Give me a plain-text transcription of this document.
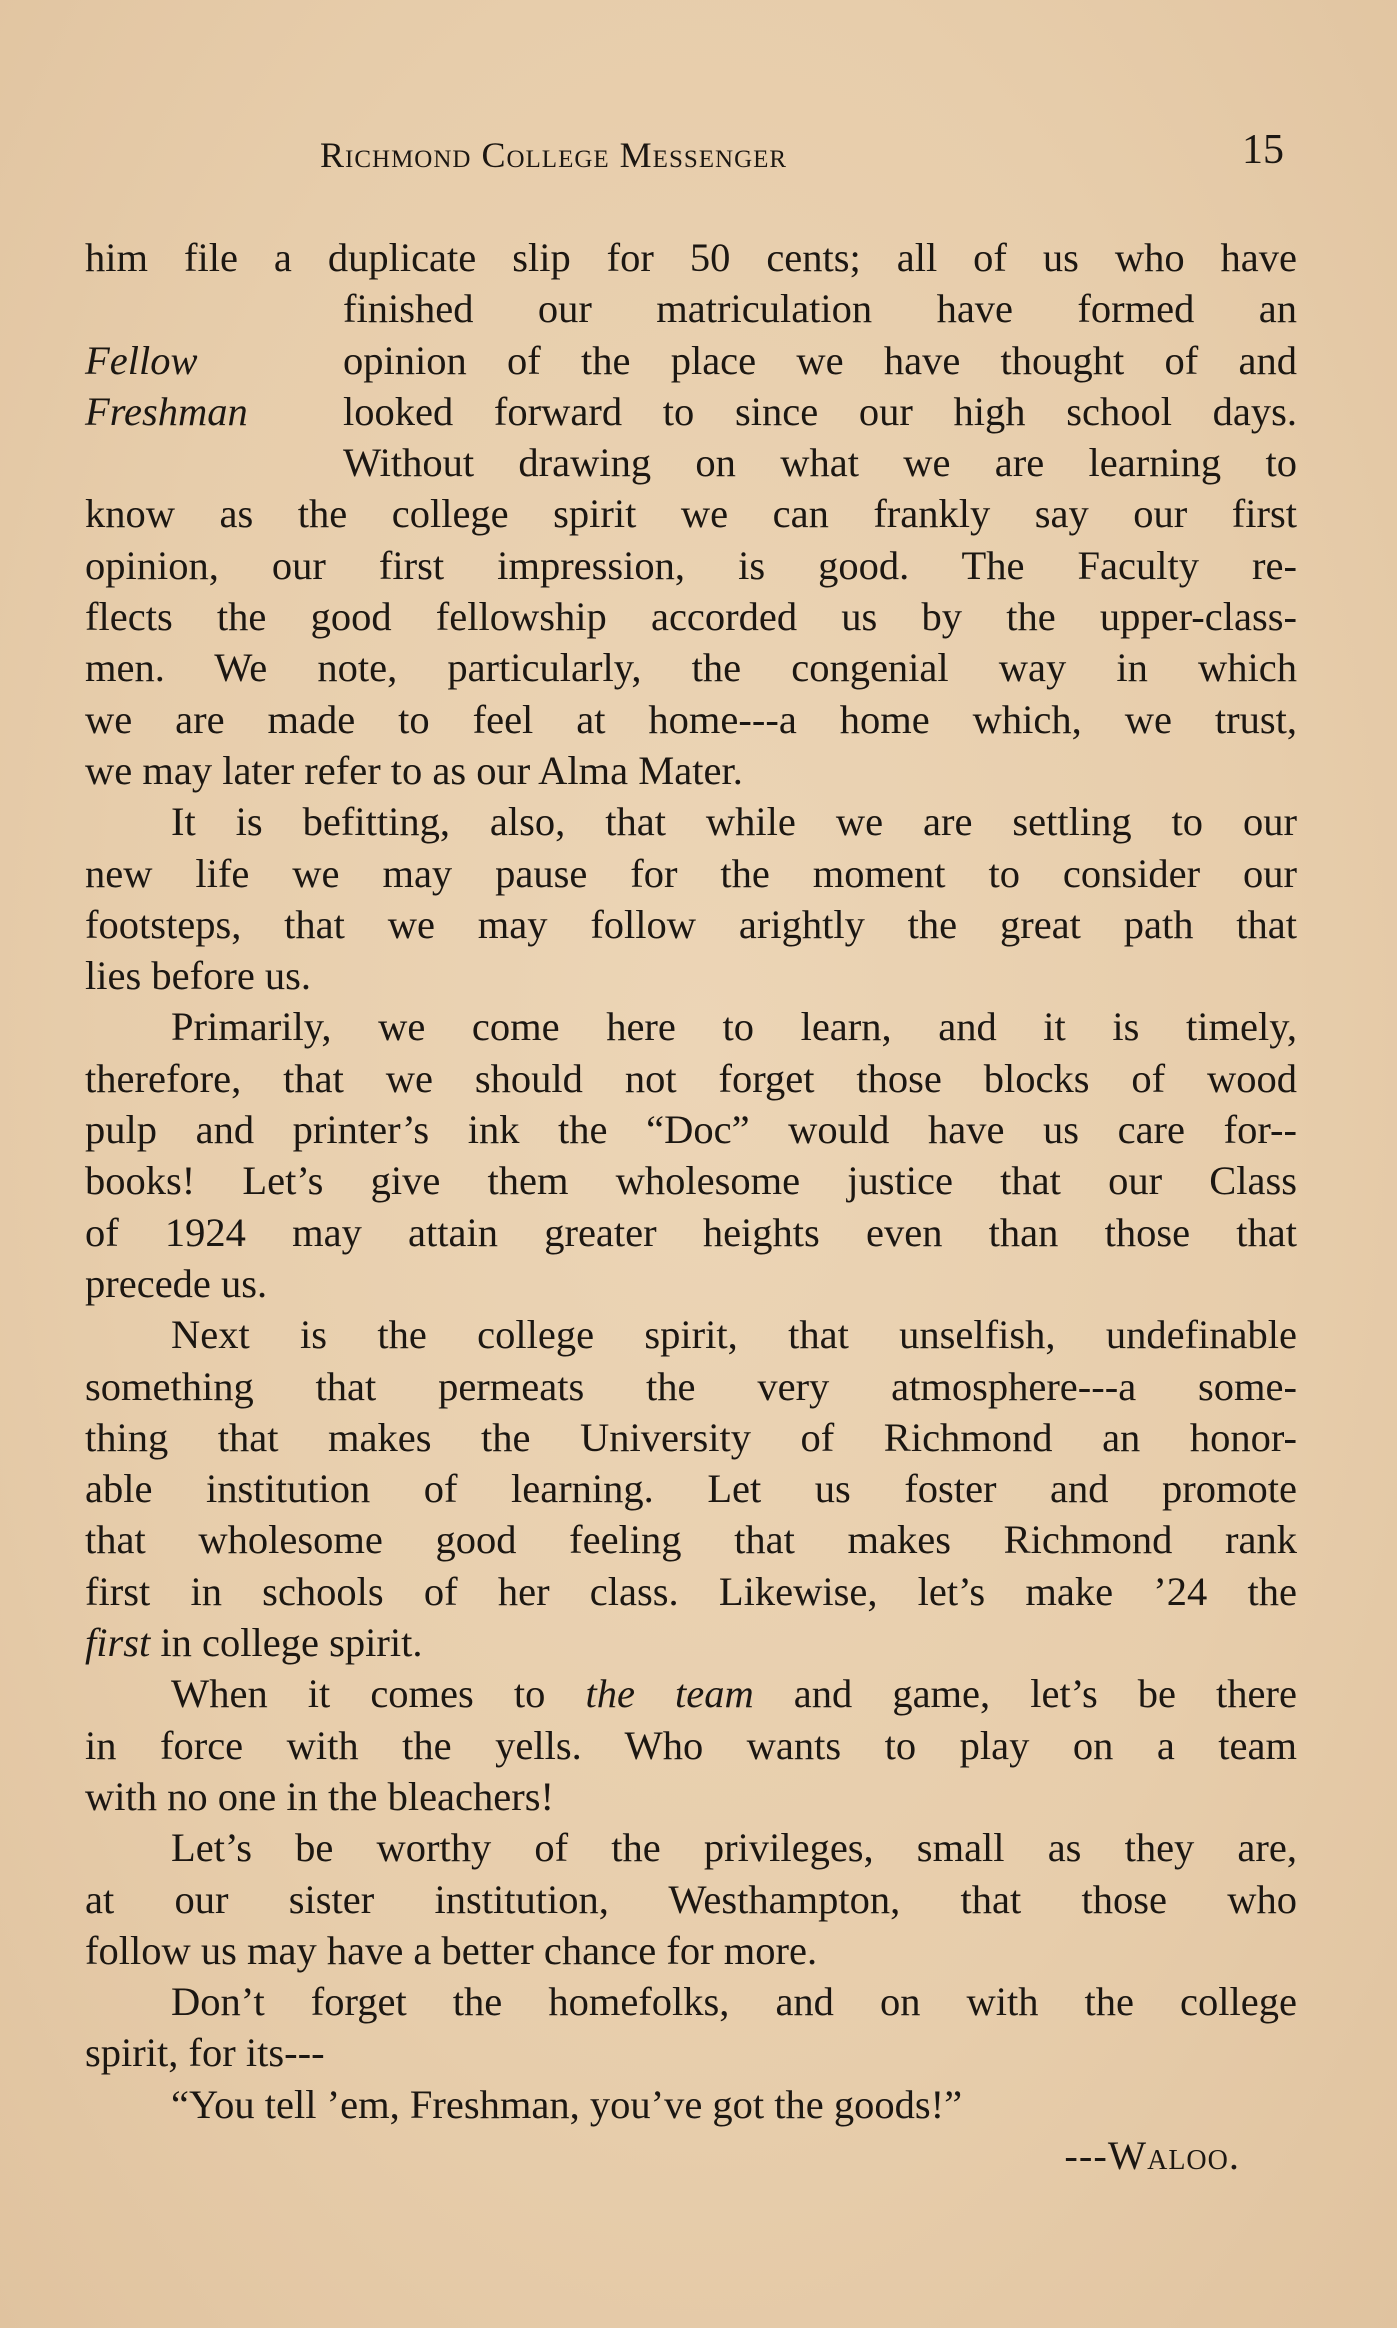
Richmond College Messenger	15
him file a duplicate slip for 50 cents; all of us who have
finished our matriculation have formed an
Fellow	opinion of the place we have thought of and
Freshman looked forward to since our high school days.
Without drawing on what we are learning to
know as the college spirit we can frankly say our first
opinion, our first impression, is good. The Faculty re-
flects the good fellowship accorded us by the upper-class-
men. We note, particularly, the congenial way in which
we are made to feel at home---a home which, we trust,
we may later refer to as our Alma Mater.
It is befitting, also, that while we are settling to our
new life we may pause for the moment to consider our
footsteps, that we may follow arightly the great path that
lies before us.
Primarily, we come here to learn, and it is timely,
therefore, that we should not forget those blocks of wood
pulp and printer’s ink the “Doc” would have us care for--
books! Let’s give them wholesome justice that our Class
of 1924 may attain greater heights even than those that
precede us.
Next is the college spirit, that unselfish, undefinable
something that permeats the very atmosphere---a some-
thing that makes the University of Richmond an honor-
able institution of learning. Let us foster and promote
that wholesome good feeling that makes Richmond rank
first in schools of her class. Likewise, let’s make ’24 the
first in college spirit.
When it comes to the team and game, let’s be there
in force with the yells. Who wants to play on a team
with no one in the bleachers!
Let’s be worthy of the privileges, small as they are,
at our sister institution, Westhampton, that those who
follow us may have a better chance for more.
Don’t forget the homefolks, and on with the college
spirit, for its---
“You tell ’em, Freshman, you’ve got the goods!”
---Waloo.
